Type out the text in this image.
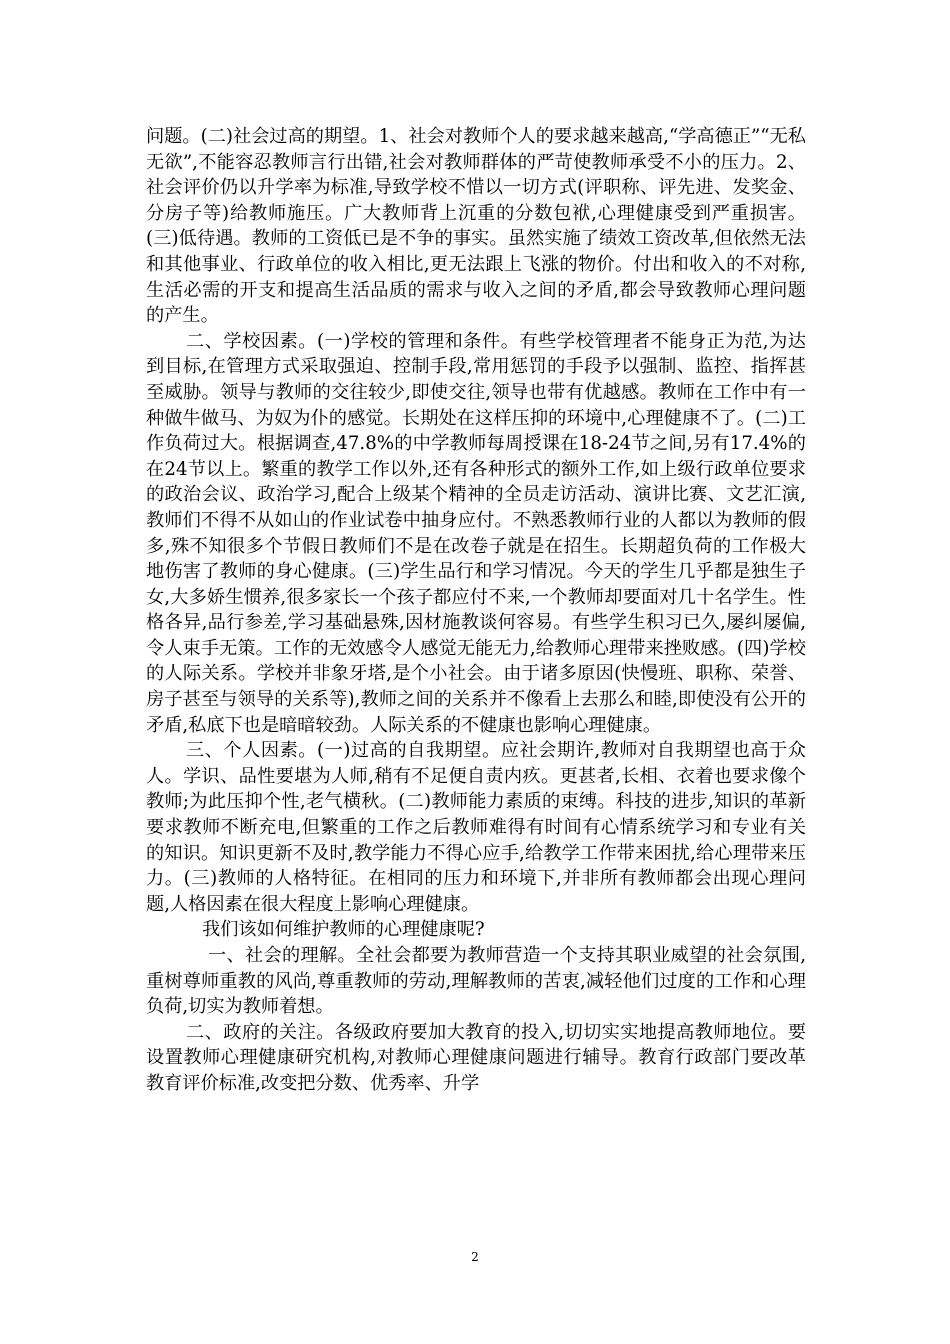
问题。(二)社会过高的期望。1、社会对教师个人的要求越来越高,“学高德正”“无私无欲”,不能容忍教师言行出错,社会对教师群体的严苛使教师承受不小的压力。2、社会评价仍以升学率为标准,导致学校不惜以一切方式(评职称、评先进、发奖金、分房子等)给教师施压。广大教师背上沉重的分数包袱,心理健康受到严重损害。(三)低待遇。教师的工资低已是不争的事实。虽然实施了绩效工资改革,但依然无法和其他事业、行政单位的收入相比,更无法跟上飞涨的物价。付出和收入的不对称,生活必需的开支和提高生活品质的需求与收入之间的矛盾,都会导致教师心理问题的产生。

二、学校因素。(一)学校的管理和条件。有些学校管理者不能身正为范,为达到目标,在管理方式采取强迫、控制手段,常用惩罚的手段予以强制、监控、指挥甚至威胁。领导与教师的交往较少,即使交往,领导也带有优越感。教师在工作中有一种做牛做马、为奴为仆的感觉。长期处在这样压抑的环境中,心理健康不了。(二)工作负荷过大。根据调查,47.8%的中学教师每周授课在18-24节之间,另有17.4%的在24节以上。繁重的教学工作以外,还有各种形式的额外工作,如上级行政单位要求的政治会议、政治学习,配合上级某个精神的全员走访活动、演讲比赛、文艺汇演,教师们不得不从如山的作业试卷中抽身应付。不熟悉教师行业的人都以为教师的假多,殊不知很多个节假日教师们不是在改卷子就是在招生。长期超负荷的工作极大地伤害了教师的身心健康。(三)学生品行和学习情况。今天的学生几乎都是独生子女,大多娇生惯养,很多家长一个孩子都应付不来,一个教师却要面对几十名学生。性格各异,品行参差,学习基础悬殊,因材施教谈何容易。有些学生积习已久,屡纠屡偏,令人束手无策。工作的无效感令人感觉无能无力,给教师心理带来挫败感。(四)学校的人际关系。学校并非象牙塔,是个小社会。由于诸多原因(快慢班、职称、荣誉、房子甚至与领导的关系等),教师之间的关系并不像看上去那么和睦,即使没有公开的矛盾,私底下也是暗暗较劲。人际关系的不健康也影响心理健康。

三、个人因素。(一)过高的自我期望。应社会期许,教师对自我期望也高于众人。学识、品性要堪为人师,稍有不足便自责内疚。更甚者,长相、衣着也要求像个教师;为此压抑个性,老气横秋。(二)教师能力素质的束缚。科技的进步,知识的革新要求教师不断充电,但繁重的工作之后教师难得有时间有心情系统学习和专业有关的知识。知识更新不及时,教学能力不得心应手,给教学工作带来困扰,给心理带来压力。(三)教师的人格特征。在相同的压力和环境下,并非所有教师都会出现心理问题,人格因素在很大程度上影响心理健康。

我们该如何维护教师的心理健康呢?

一、社会的理解。全社会都要为教师营造一个支持其职业威望的社会氛围,重树尊师重教的风尚,尊重教师的劳动,理解教师的苦衷,减轻他们过度的工作和心理负荷,切实为教师着想。

二、政府的关注。各级政府要加大教育的投入,切切实实地提高教师地位。要设置教师心理健康研究机构,对教师心理健康问题进行辅导。教育行政部门要改革教育评价标准,改变把分数、优秀率、升学

2
